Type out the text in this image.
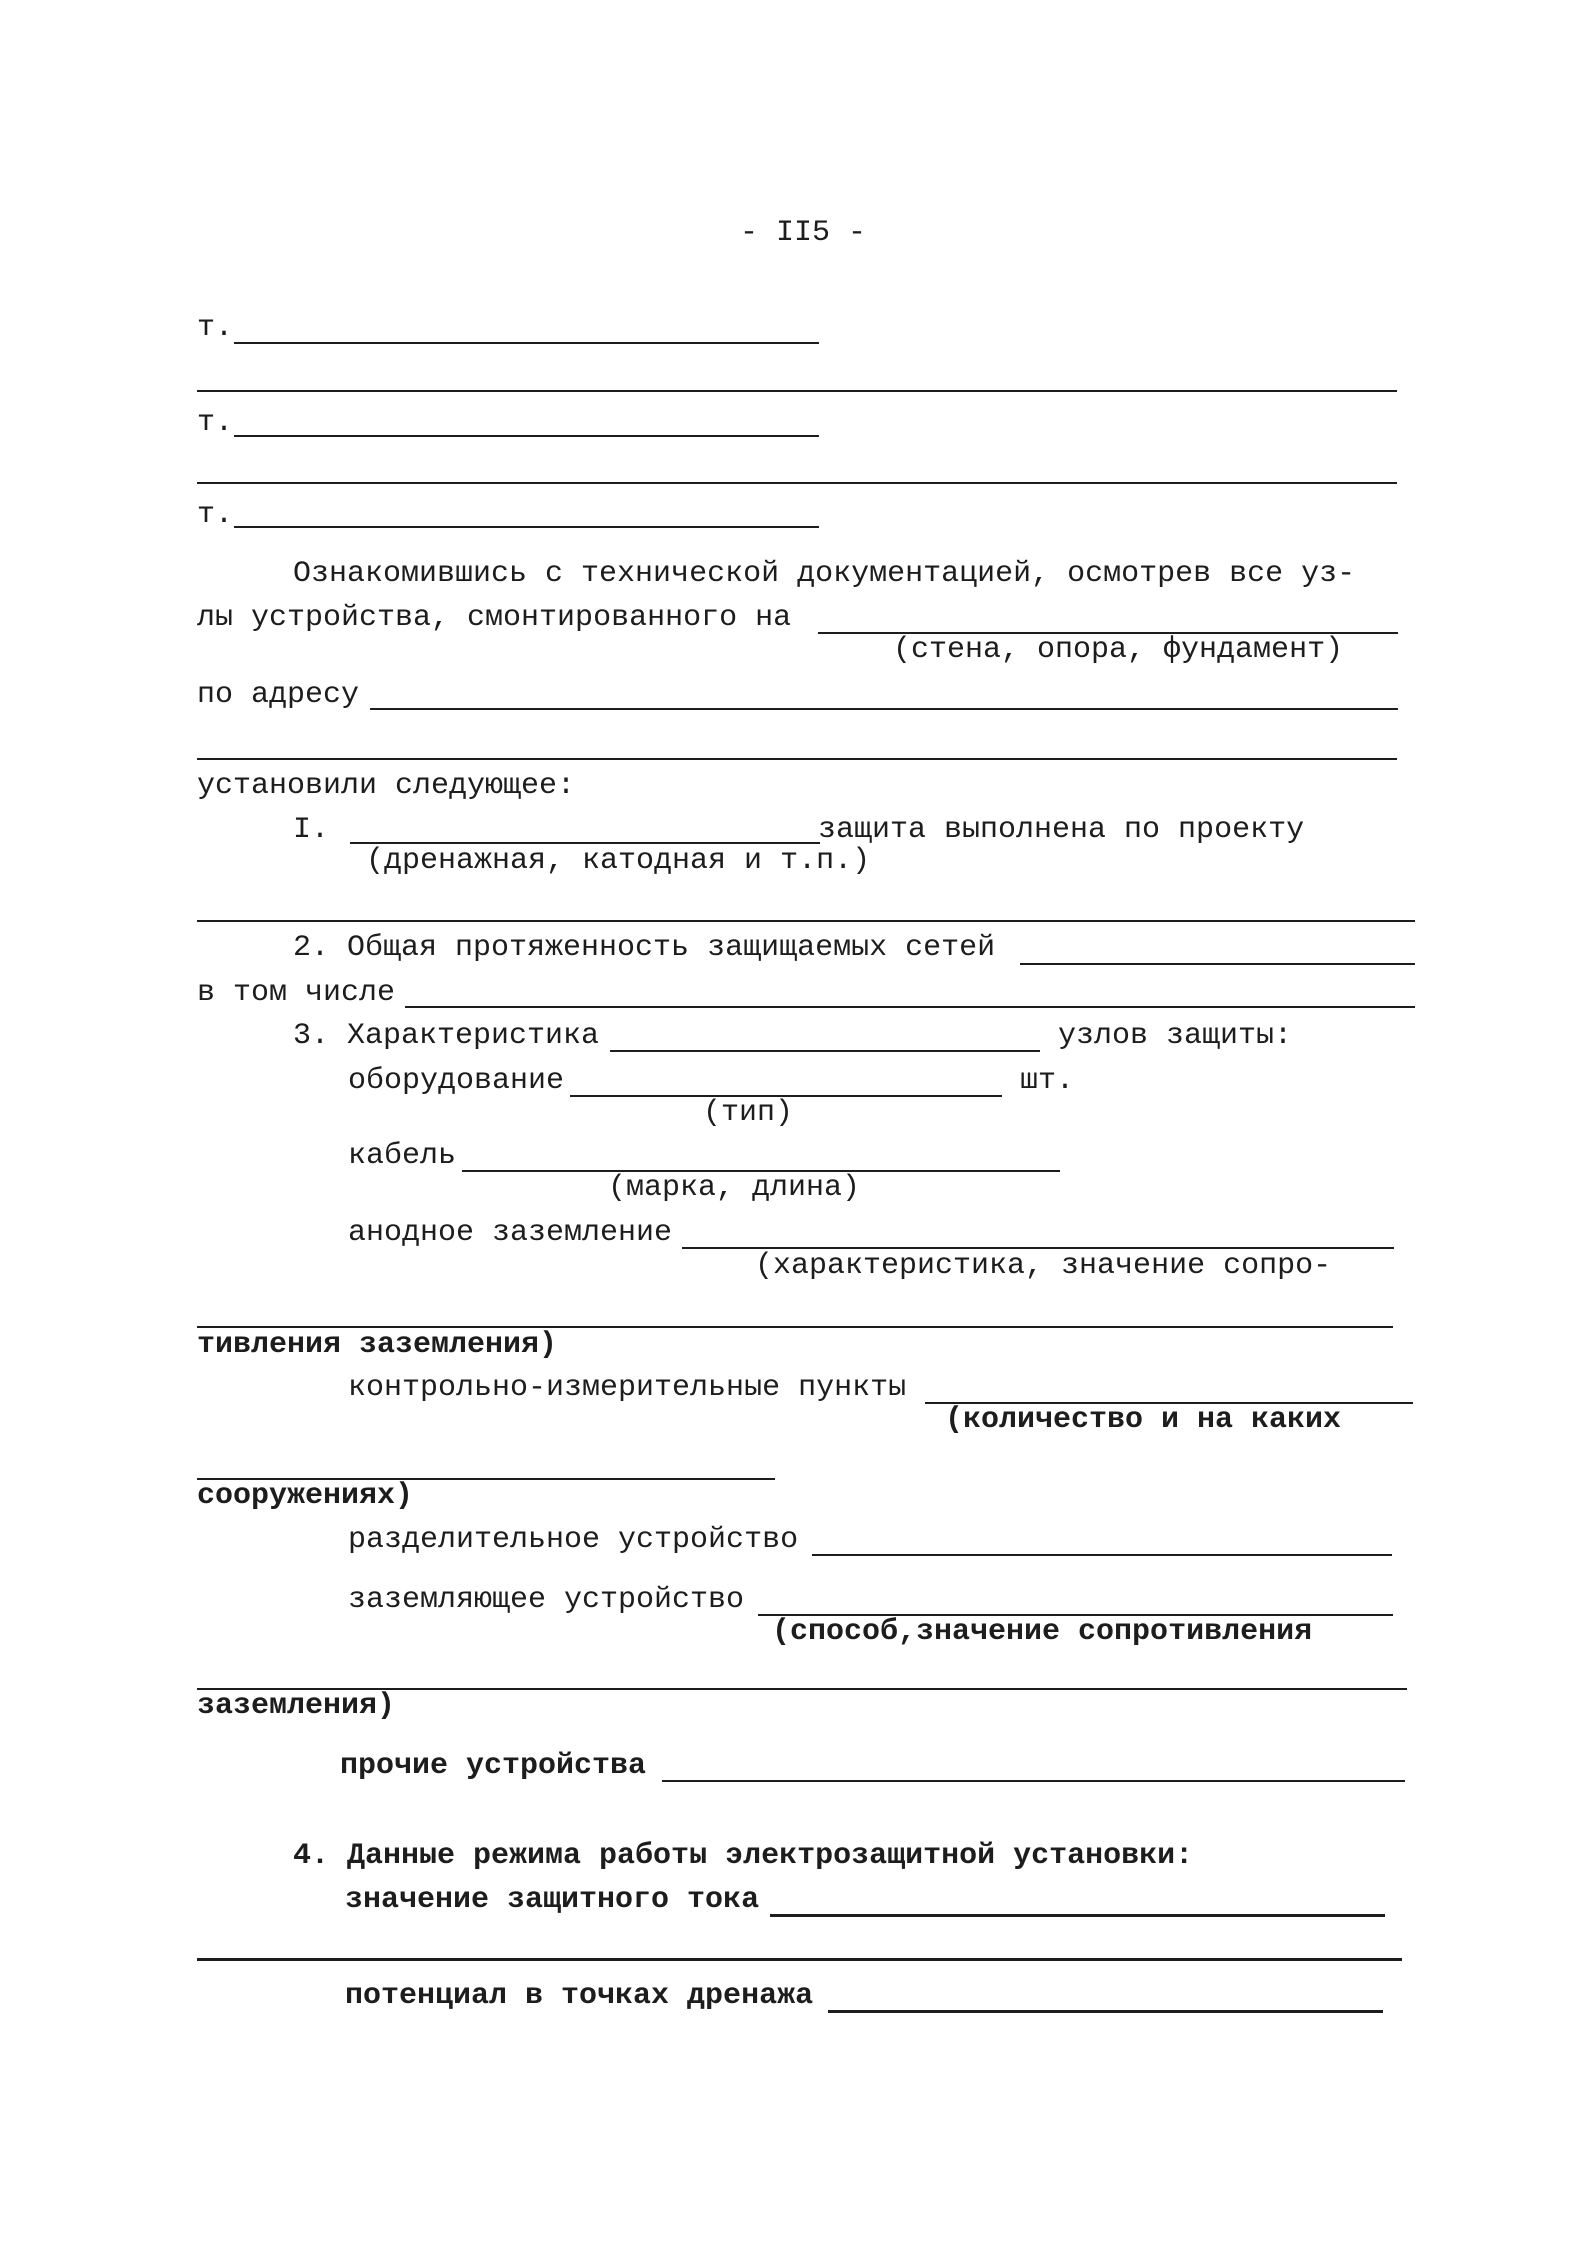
- II5 -
т.
т.
т.
Ознакомившись с технической документацией, осмотрев все уз-
лы устройства, смонтированного на
(стена, опора, фундамент)
по адресу
установили следующее:
I.	защита выполнена по проекту
(дренажная, катодная и т.п.)
2. Общая протяженность защищаемых сетей
в том числе
3. Характеристика	узлов защиты:
оборудование	шт.
(тип)
кабель
(марка, длина)
анодное заземление
(характеристика, значение сопро-
тивления заземления)
контрольно-измерительные пункты
(количество и на каких
сооружениях)
разделительное устройство
заземляющее устройство
(способ,значение сопротивления
заземления)
прочие устройства
4. Данные режима работы электрозащитной установки:
значение защитного тока
потенциал в точках дренажа
